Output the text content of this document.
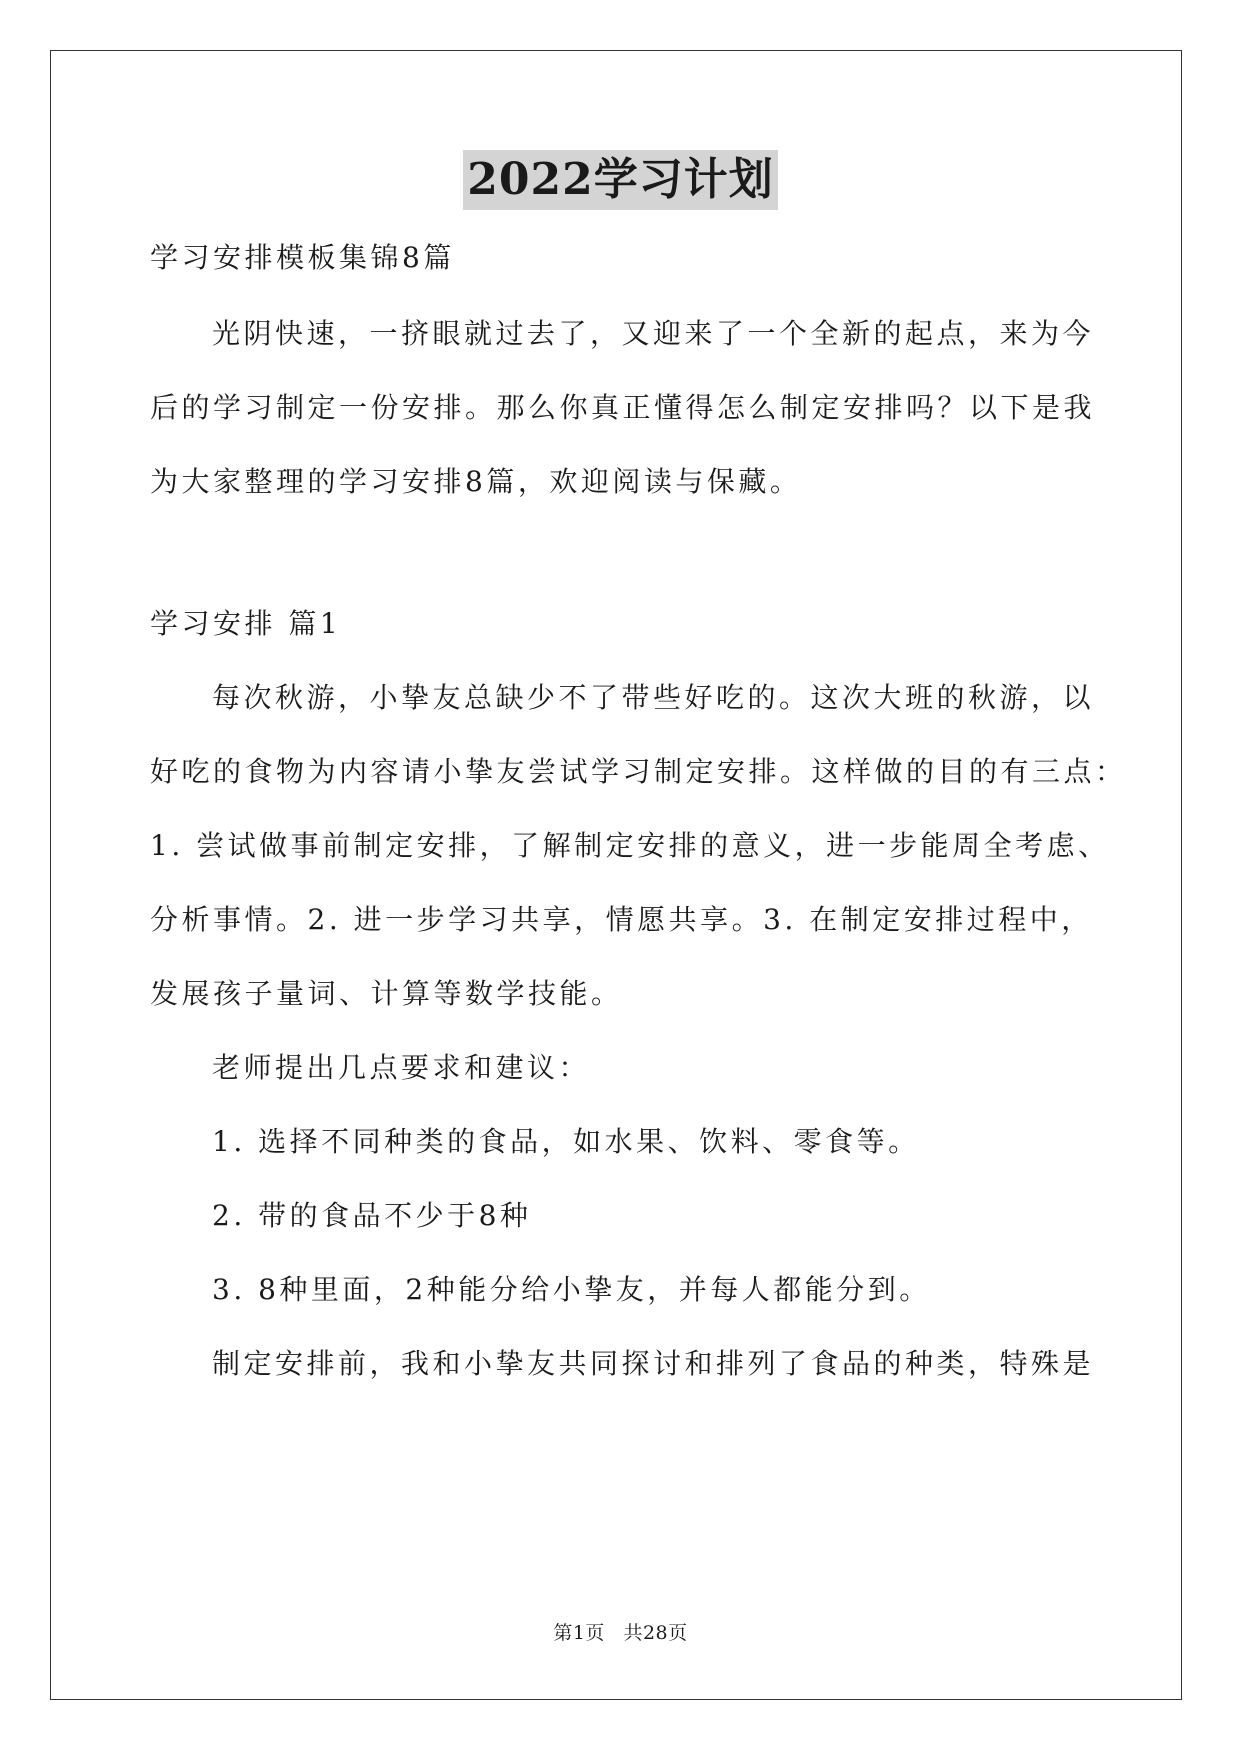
2022学习计划
学习安排模板集锦8篇
光阴快速，一挤眼就过去了，又迎来了一个全新的起点，来为今
后的学习制定一份安排。那么你真正懂得怎么制定安排吗？以下是我
为大家整理的学习安排8篇，欢迎阅读与保藏。
学习安排 篇1
每次秋游，小挚友总缺少不了带些好吃的。这次大班的秋游，以
好吃的食物为内容请小挚友尝试学习制定安排。这样做的目的有三点：
1. 尝试做事前制定安排，了解制定安排的意义，进一步能周全考虑、
分析事情。2. 进一步学习共享，情愿共享。3. 在制定安排过程中，
发展孩子量词、计算等数学技能。
老师提出几点要求和建议：
1. 选择不同种类的食品，如水果、饮料、零食等。
2. 带的食品不少于8种
3. 8种里面，2种能分给小挚友，并每人都能分到。
制定安排前，我和小挚友共同探讨和排列了食品的种类，特殊是
第1页 共28页
